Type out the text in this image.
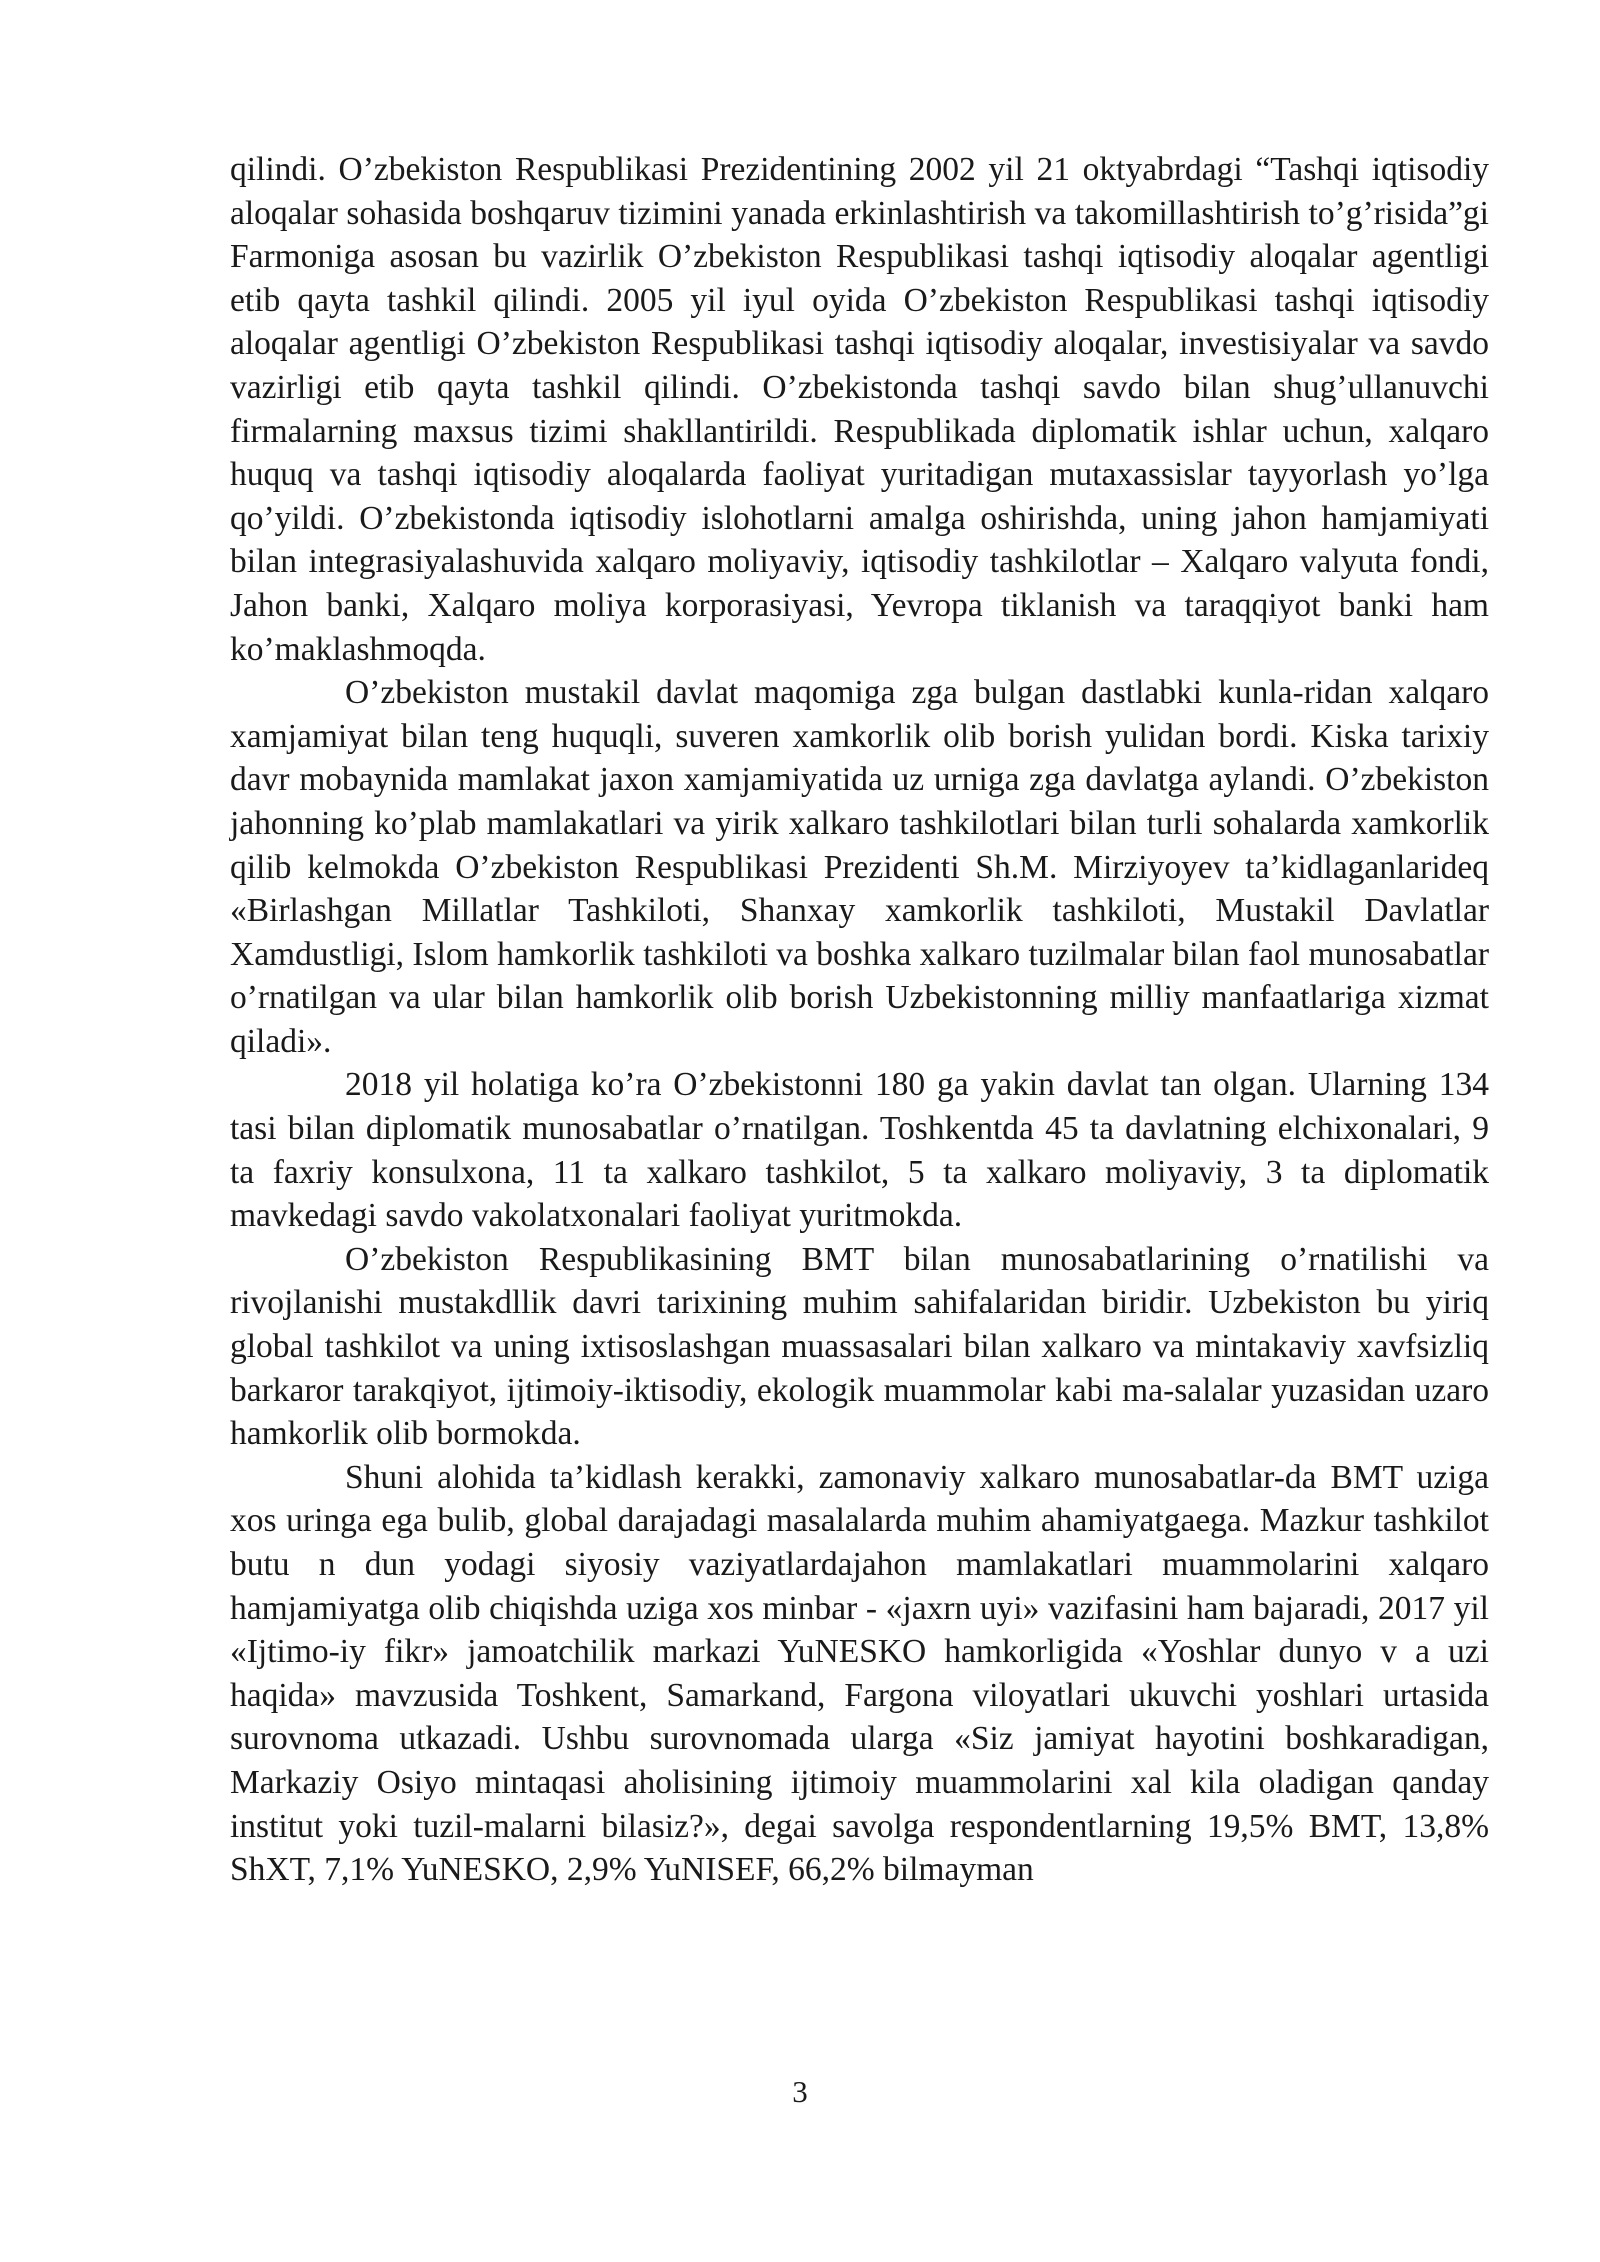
qilindi. O’zbekiston Respublikasi Prezidentining 2002 yil 21 oktyabrdagi “Tashqi iqtisodiy aloqalar sohasida boshqaruv tizimini yanada erkinlashtirish va takomillashtirish to’g’risida”gi Farmoniga asosan bu vazirlik O’zbekiston Respublikasi tashqi iqtisodiy aloqalar agentligi etib qayta tashkil qilindi. 2005 yil iyul oyida O’zbekiston Respublikasi tashqi iqtisodiy aloqalar agentligi O’zbekiston Respublikasi tashqi iqtisodiy aloqalar, investisiyalar va savdo vazirligi etib qayta tashkil qilindi. O’zbekistonda tashqi savdo bilan shug’ullanuvchi firmalarning maxsus tizimi shakllantirildi. Respublikada diplomatik ishlar uchun, xalqaro huquq va tashqi iqtisodiy aloqalarda faoliyat yuritadigan mutaxassislar tayyorlash yo’lga qo’yildi. O’zbekistonda iqtisodiy islohotlarni amalga oshirishda, uning jahon hamjamiyati bilan integrasiyalashuvida xalqaro moliyaviy, iqtisodiy tashkilotlar – Xalqaro valyuta fondi, Jahon banki, Xalqaro moliya korporasiyasi, Yevropa tiklanish va taraqqiyot banki ham ko’maklashmoqda.

O’zbekiston mustakil davlat maqomiga zga bulgan dastlabki kunla-ridan xalqaro xamjamiyat bilan teng huquqli, suveren xamkorlik olib borish yulidan bordi. Kiska tarixiy davr mobaynida mamlakat jaxon xamjamiyatida uz urniga zga davlatga aylandi. O’zbekiston jahonning ko’plab mamlakatlari va yirik xalkaro tashkilotlari bilan turli sohalarda xamkorlik qilib kelmokda O’zbekiston Respublikasi Prezidenti Sh.M. Mirziyoyev ta’kidlaganlarideq «Birlashgan Millatlar Tashkiloti, Shanxay xamkorlik tashkiloti, Mustakil Davlatlar Xamdustligi, Islom hamkorlik tashkiloti va boshka xalkaro tuzilmalar bilan faol munosabatlar o’rnatilgan va ular bilan hamkorlik olib borish Uzbekistonning milliy manfaatlariga xizmat qiladi».

2018 yil holatiga ko’ra O’zbekistonni 180 ga yakin davlat tan olgan. Ularning 134 tasi bilan diplomatik munosabatlar o’rnatilgan. Toshkentda 45 ta davlatning elchixonalari, 9 ta faxriy konsulxona, 11 ta xalkaro tashkilot, 5 ta xalkaro moliyaviy, 3 ta diplomatik mavkedagi savdo vakolatxonalari faoliyat yuritmokda.

O’zbekiston Respublikasining BMT bilan munosabatlarining o’rnatilishi va rivojlanishi mustakdllik davri tarixining muhim sahifalaridan biridir. Uzbekiston bu yiriq global tashkilot va uning ixtisoslashgan muassasalari bilan xalkaro va mintakaviy xavfsizliq barkaror tarakqiyot, ijtimoiy-iktisodiy, ekologik muammolar kabi ma-salalar yuzasidan uzaro hamkorlik olib bormokda.

Shuni alohida ta’kidlash kerakki, zamonaviy xalkaro munosabatlar-da BMT uziga xos uringa ega bulib, global darajadagi masalalarda muhim ahamiyatgaega. Mazkur tashkilot butu n dun yodagi siyosiy vaziyatlardajahon mamlakatlari muammolarini xalqaro hamjamiyatga olib chiqishda uziga xos minbar - «jaxrn uyi» vazifasini ham bajaradi, 2017 yil «Ijtimo-iy fikr» jamoatchilik markazi YuNESKO hamkorligida «Yoshlar dunyo v a uzi haqida» mavzusida Toshkent, Samarkand, Fargona viloyatlari ukuvchi yoshlari urtasida surovnoma utkazadi. Ushbu surovnomada ularga «Siz jamiyat hayotini boshkaradigan, Markaziy Osiyo mintaqasi aholisining ijtimoiy muammolarini xal kila oladigan qanday institut yoki tuzil-malarni bilasiz?», degai savolga respondentlarning 19,5% BMT, 13,8% ShXT, 7,1% YuNESKO, 2,9% YuNISEF, 66,2% bilmayman

3
